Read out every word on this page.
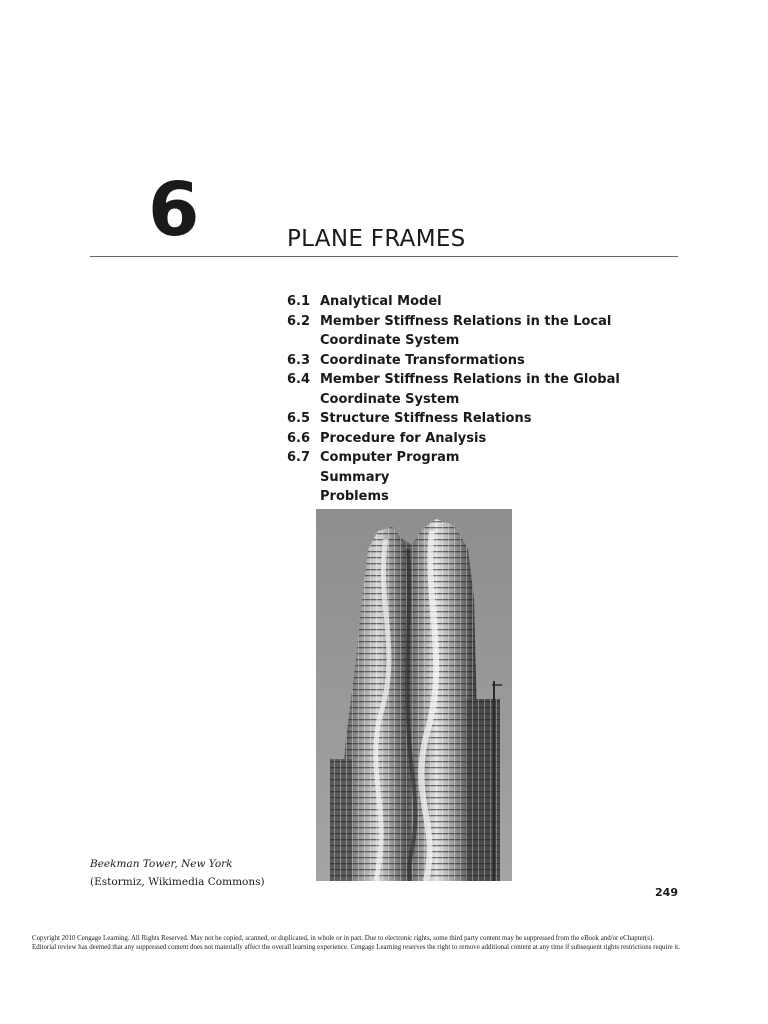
6	PLANE FRAMES
6.1 Analytical Model
6.2 Member Stiffness Relations in the Local Coordinate System
6.3 Coordinate Transformations
6.4 Member Stiffness Relations in the Global Coordinate System
6.5 Structure Stiffness Relations
6.6 Procedure for Analysis
6.7 Computer Program
Summary
Problems
Beekman Tower, New York
(Estormiz, Wikimedia Commons)
249
Copyright 2010 Cengage Learning. All Rights Reserved. May not be copied, scanned, or duplicated, in whole or in part. Due to electronic rights, some third party content may be suppressed from the eBook and/or eChapter(s).
Editorial review has deemed that any suppressed content does not materially affect the overall learning experience. Cengage Learning reserves the right to remove additional content at any time if subsequent rights restrictions require it.
